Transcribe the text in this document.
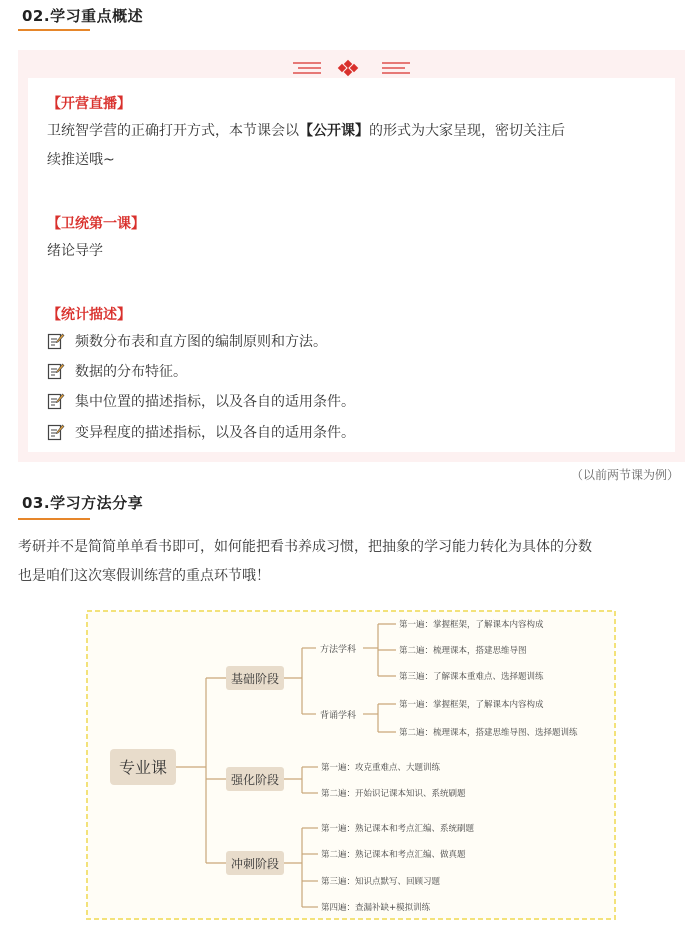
02.学习重点概述
【开营直播】
卫统智学营的正确打开方式，本节课会以【公开课】的形式为大家呈现，密切关注后
续推送哦~
【卫统第一课】
绪论导学
【统计描述】
频数分布表和直方图的编制原则和方法。
数据的分布特征。
集中位置的描述指标，以及各自的适用条件。
变异程度的描述指标，以及各自的适用条件。
（以前两节课为例）
03.学习方法分享
考研并不是简简单单看书即可，如何能把看书养成习惯，把抽象的学习能力转化为具体的分数
也是咱们这次寒假训练营的重点环节哦！
专业课
基础阶段
强化阶段
冲刺阶段
方法学科
背诵学科
第一遍：掌握框架，了解课本内容构成
第二遍：梳理课本，搭建思维导图
第三遍：了解课本重难点、选择题训练
第一遍：掌握框架，了解课本内容构成
第二遍：梳理课本，搭建思维导图、选择题训练
第一遍：攻克重难点、大题训练
第二遍：开始识记课本知识、系统刷题
第一遍：熟记课本和考点汇编、系统刷题
第二遍：熟记课本和考点汇编、做真题
第三遍：知识点默写、回顾习题
第四遍：查漏补缺+模拟训练
